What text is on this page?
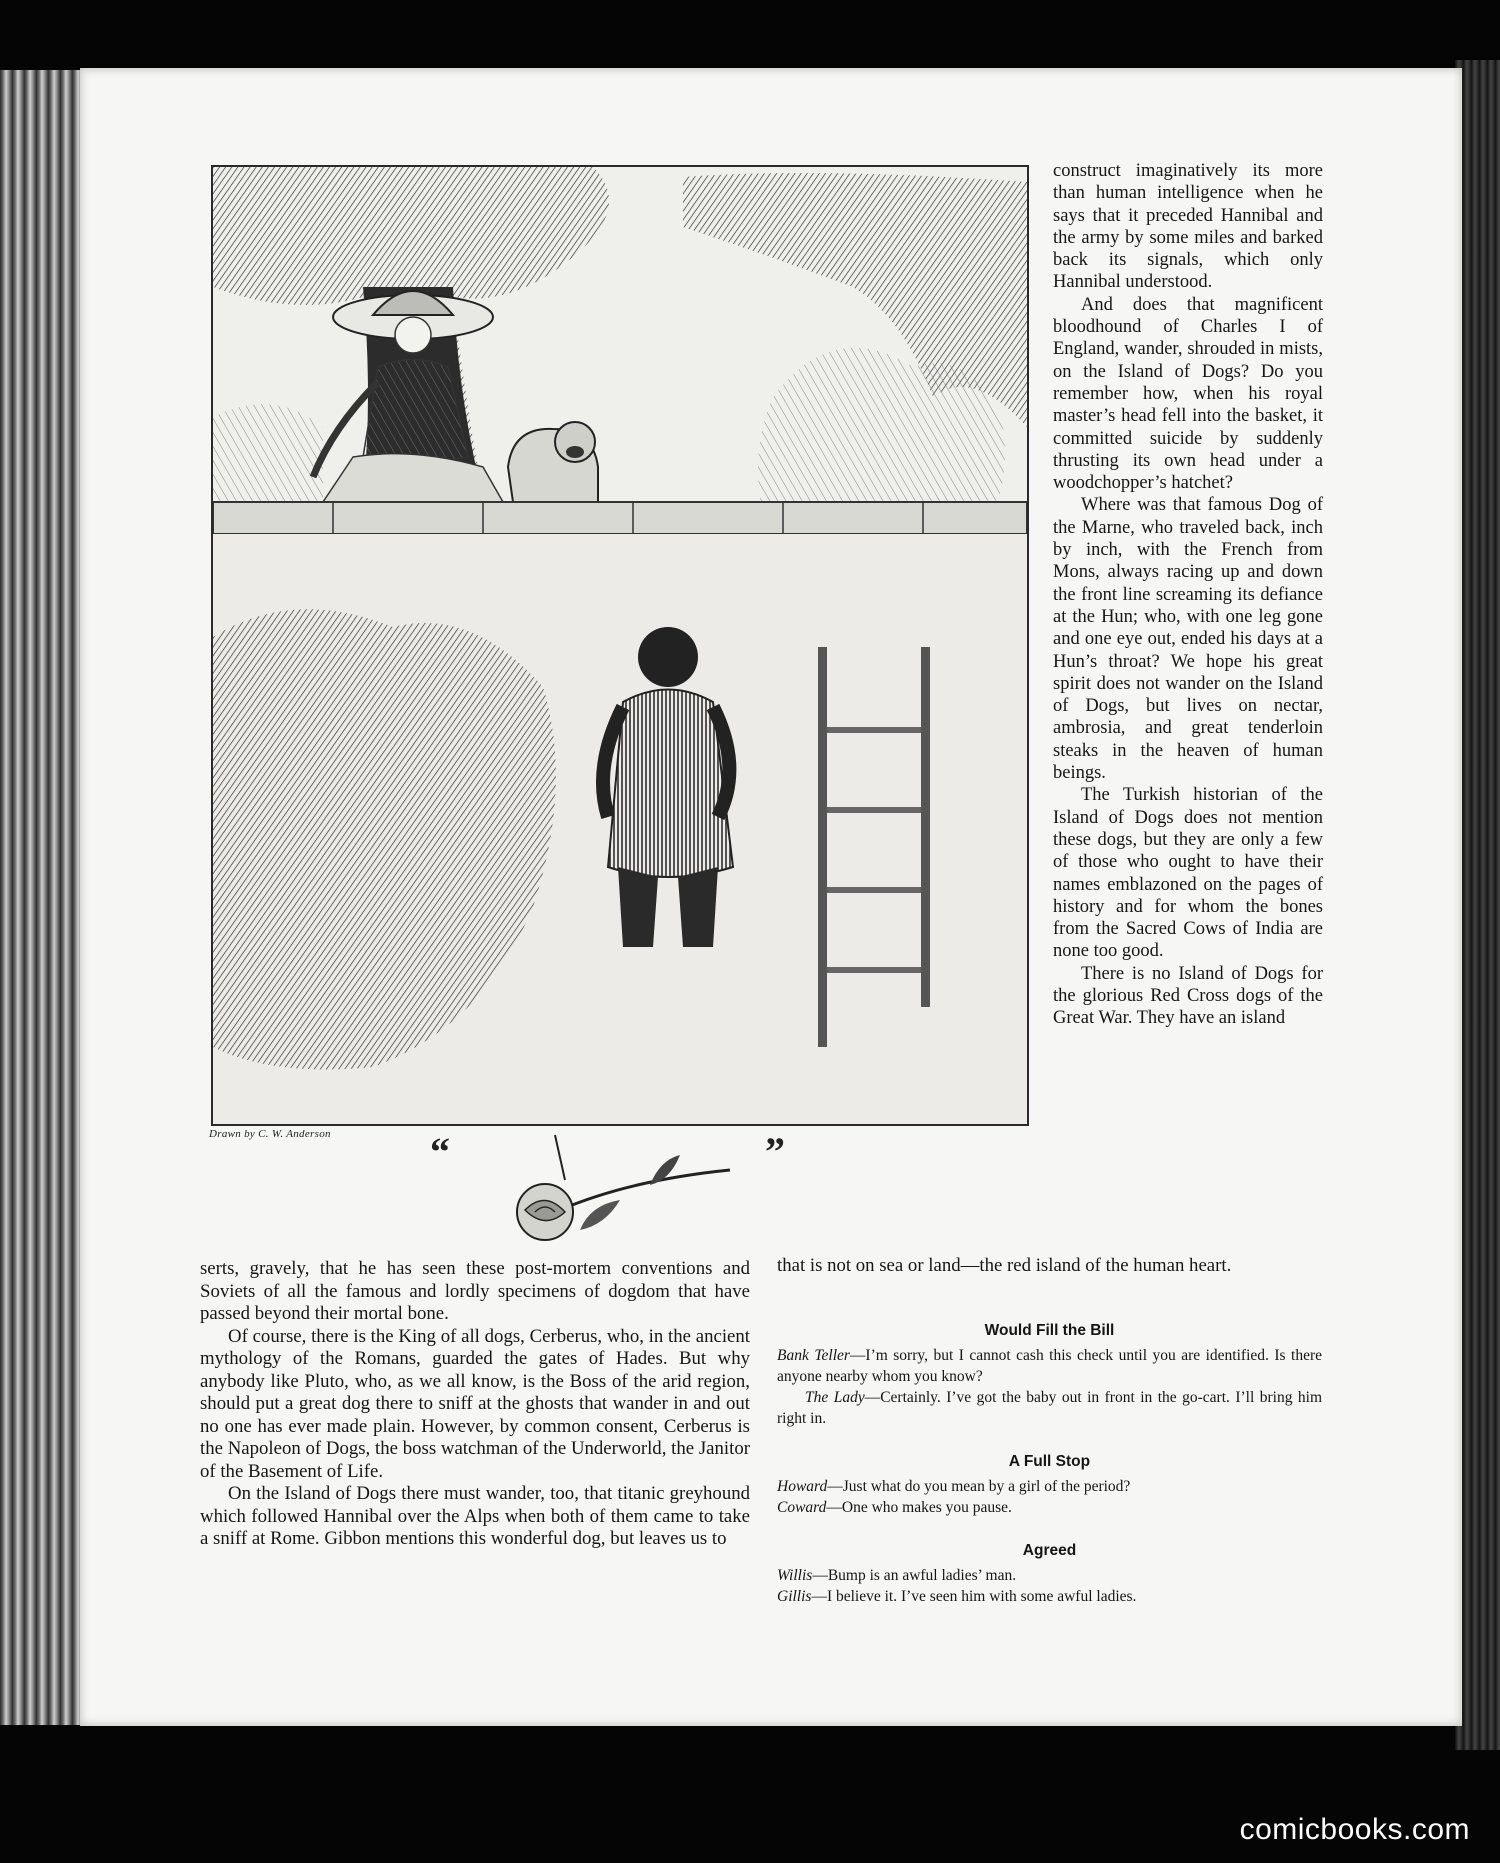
Drawn by C. W. Anderson “	”

construct imaginatively its more than human intelligence when he says that it preceded Hannibal and the army by some miles and barked back its signals, which only Hannibal understood.

And does that magnificent bloodhound of Charles I of England, wander, shrouded in mists, on the Island of Dogs? Do you remember how, when his royal master’s head fell into the basket, it committed suicide by suddenly thrusting its own head under a woodchopper’s hatchet?

Where was that famous Dog of the Marne, who traveled back, inch by inch, with the French from Mons, always racing up and down the front line screaming its defiance at the Hun; who, with one leg gone and one eye out, ended his days at a Hun’s throat? We hope his great spirit does not wander on the Island of Dogs, but lives on nectar, ambrosia, and great tenderloin steaks in the heaven of human beings.

The Turkish historian of the Island of Dogs does not mention these dogs, but they are only a few of those who ought to have their names emblazoned on the pages of history and for whom the bones from the Sacred Cows of India are none too good.

There is no Island of Dogs for the glorious Red Cross dogs of the Great War. They have an island

serts, gravely, that he has seen these post-mortem conventions and Soviets of all the famous and lordly specimens of dogdom that have passed beyond their mortal bone.

Of course, there is the King of all dogs, Cerberus, who, in the ancient mythology of the Romans, guarded the gates of Hades. But why anybody like Pluto, who, as we all know, is the Boss of the arid region, should put a great dog there to sniff at the ghosts that wander in and out no one has ever made plain. However, by common consent, Cerberus is the Napoleon of Dogs, the boss watchman of the Underworld, the Janitor of the Basement of Life.

On the Island of Dogs there must wander, too, that titanic greyhound which followed Hannibal over the Alps when both of them came to take a sniff at Rome. Gibbon mentions this wonderful dog, but leaves us to

that is not on sea or land—the red island of the human heart.

Would Fill the Bill
Bank Teller—I’m sorry, but I cannot cash this check until you are identified. Is there anyone nearby whom you know?
The Lady—Certainly. I’ve got the baby out in front in the go-cart. I’ll bring him right in.
A Full Stop
Howard—Just what do you mean by a girl of the period?
Coward—One who makes you pause.
Agreed
Willis—Bump is an awful ladies’ man.
Gillis—I believe it. I’ve seen him with some awful ladies.
comicbooks.com
